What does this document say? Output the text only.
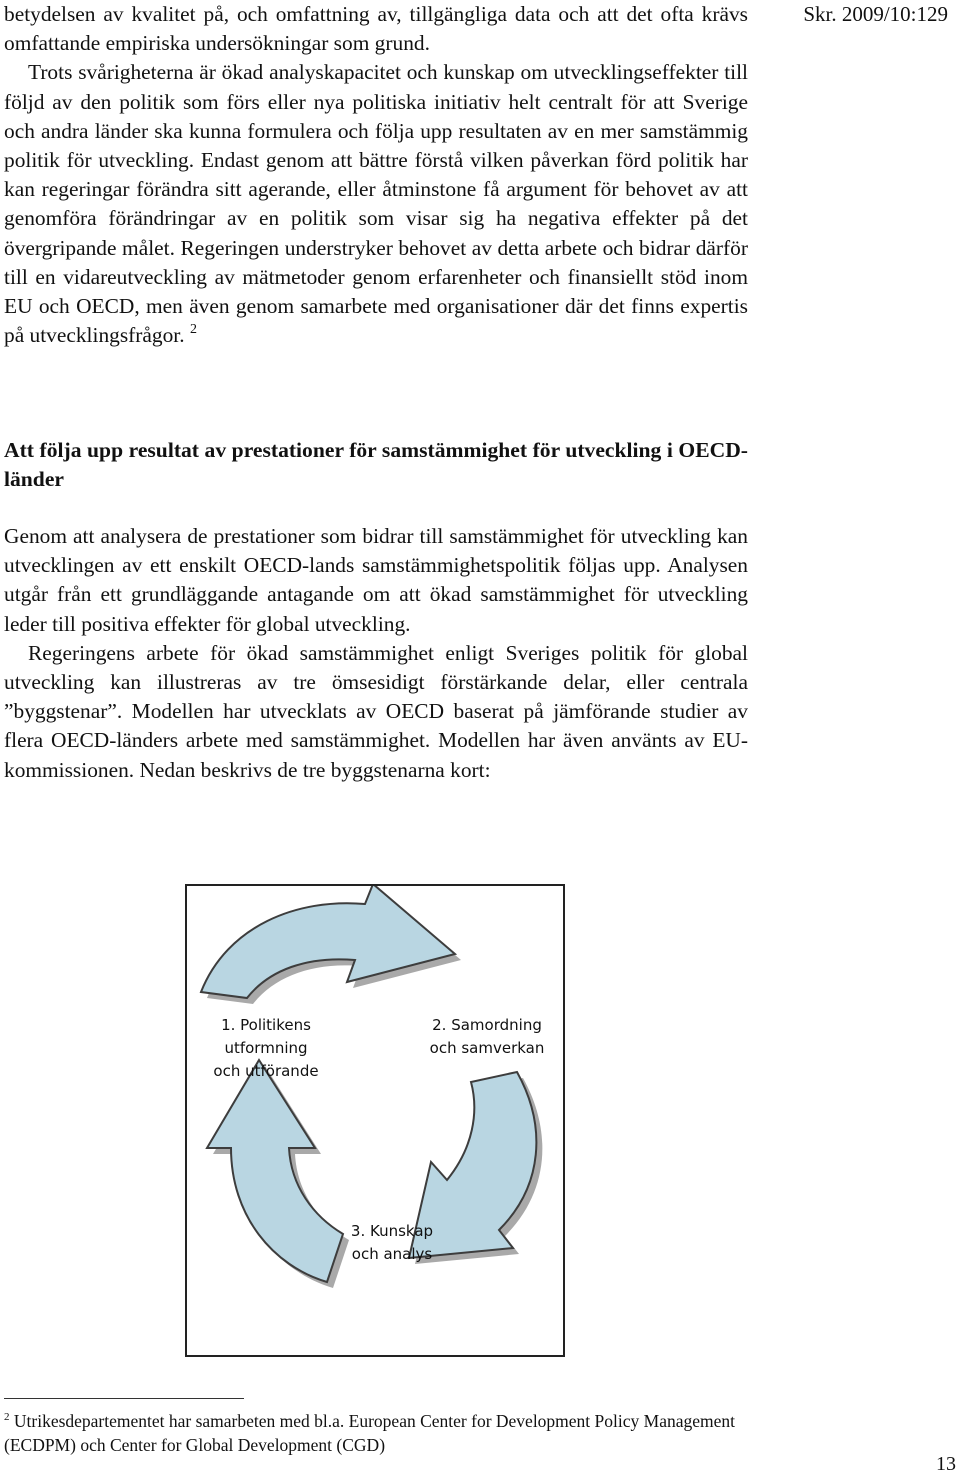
Skr. 2009/10:129

betydelsen av kvalitet på, och omfattning av, tillgängliga data och att det ofta krävs omfattande empiriska undersökningar som grund.

Trots svårigheterna är ökad analyskapacitet och kunskap om utvecklingseffekter till följd av den politik som förs eller nya politiska initiativ helt centralt för att Sverige och andra länder ska kunna formulera och följa upp resultaten av en mer samstämmig politik för utveckling. Endast genom att bättre förstå vilken påverkan förd politik har kan regeringar förändra sitt agerande, eller åtminstone få argument för behovet av att genomföra förändringar av en politik som visar sig ha negativa effekter på det övergripande målet. Regeringen understryker behovet av detta arbete och bidrar därför till en vidareutveckling av mätmetoder genom erfarenheter och finansiellt stöd inom EU och OECD, men även genom samarbete med organisationer där det finns expertis på utvecklingsfrågor. $^2$

Att följa upp resultat av prestationer för samstämmighet för utveckling i OECD-länder

Genom att analysera de prestationer som bidrar till samstämmighet för utveckling kan utvecklingen av ett enskilt OECD-lands samstämmighetspolitik följas upp. Analysen utgår från ett grundläggande antagande om att ökad samstämmighet för utveckling leder till positiva effekter för global utveckling.

Regeringens arbete för ökad samstämmighet enligt Sveriges politik för global utveckling kan illustreras av tre ömsesidigt förstärkande delar, eller centrala ”byggstenar”. Modellen har utvecklats av OECD baserat på jämförande studier av flera OECD-länders arbete med samstämmighet. Modellen har även använts av EU-kommissionen. Nedan beskrivs de tre byggstenarna kort:

1. Politikens
utformning
och utförande
2. Samordning
och samverkan
3. Kunskap
och analys
$^2$ Utrikesdepartementet har samarbeten med bl.a. European Center for Development Policy Management (ECDPM) och Center for Global Development (CGD)
13
